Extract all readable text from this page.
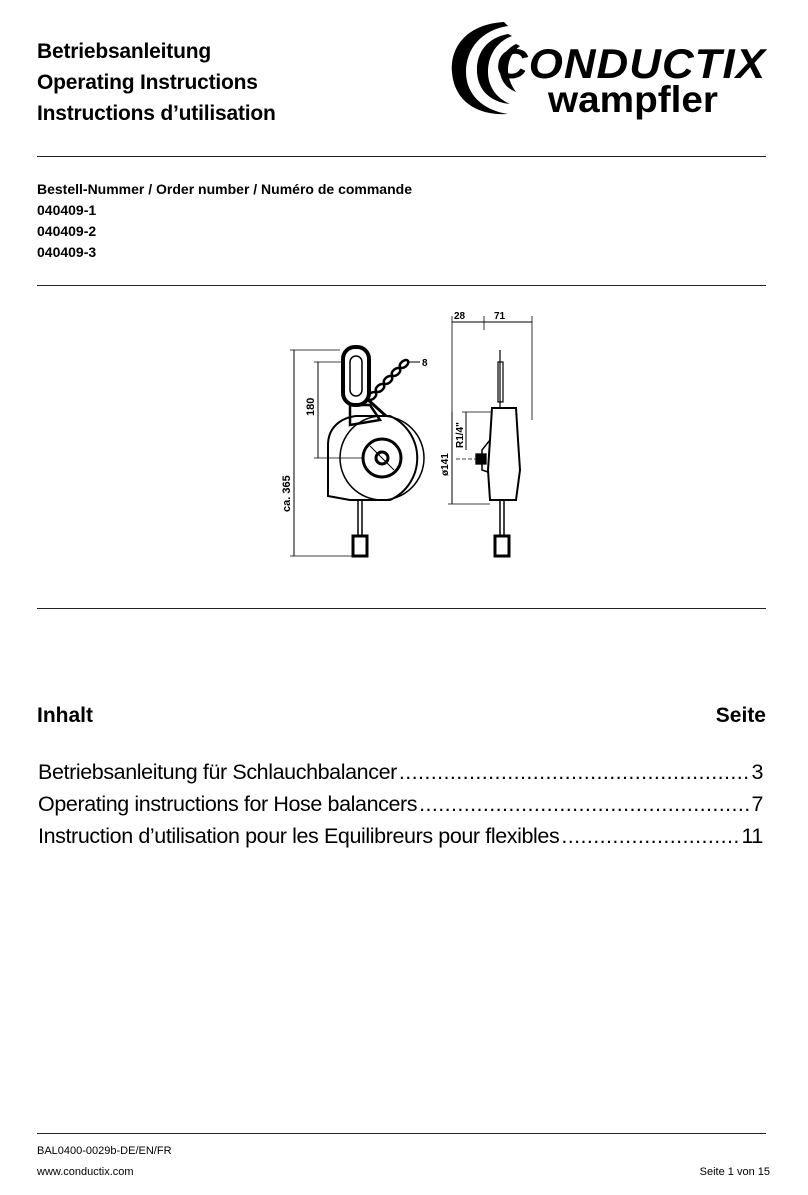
Betriebsanleitung
Operating Instructions
Instructions d’utilisation
CONDUCTIX
wampfler
Bestell-Nummer / Order number / Numéro de commande
040409-1
040409-2
040409-3
8
ca. 365
180
28	71
R1/4"
ø141
Inhalt	Seite
Betriebsanleitung für Schlauchbalancer .....	3
Operating instructions for Hose balancers .....	7
Instruction d’utilisation pour les Equilibreurs pour flexibles .....	11
BAL0400-0029b-DE/EN/FR
www.conductix.com	Seite 1 von 15
